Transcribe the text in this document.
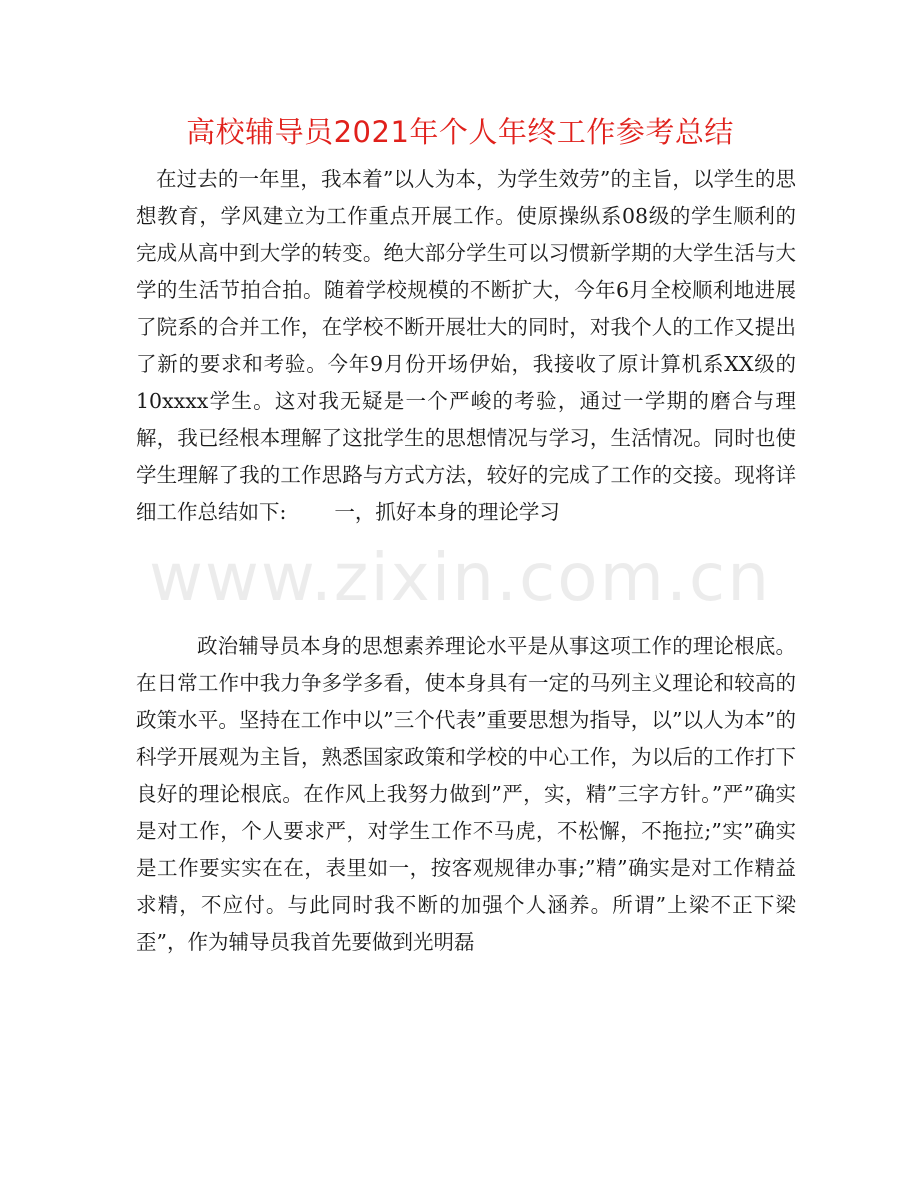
www.zixin.com.cn
高校辅导员2021年个人年终工作参考总结

在过去的一年里，我本着”以人为本，为学生效劳”的主旨，以学生的思想教育，学风建立为工作重点开展工作。使原操纵系08级的学生顺利的完成从高中到大学的转变。绝大部分学生可以习惯新学期的大学生活与大学的生活节拍合拍。随着学校规模的不断扩大，今年6月全校顺利地进展了院系的合并工作，在学校不断开展壮大的同时，对我个人的工作又提出了新的要求和考验。今年9月份开场伊始，我接收了原计算机系XX级的10xxxx学生。这对我无疑是一个严峻的考验，通过一学期的磨合与理解，我已经根本理解了这批学生的思想情况与学习，生活情况。同时也使学生理解了我的工作思路与方式方法，较好的完成了工作的交接。现将详细工作总结如下: 一，抓好本身的理论学习

政治辅导员本身的思想素养理论水平是从事这项工作的理论根底。在日常工作中我力争多学多看，使本身具有一定的马列主义理论和较高的政策水平。坚持在工作中以”三个代表”重要思想为指导，以”以人为本”的科学开展观为主旨，熟悉国家政策和学校的中心工作，为以后的工作打下良好的理论根底。在作风上我努力做到”严，实，精”三字方针。”严”确实是对工作，个人要求严，对学生工作不马虎，不松懈，不拖拉;”实”确实是工作要实实在在，表里如一，按客观规律办事;”精”确实是对工作精益求精，不应付。与此同时我不断的加强个人涵养。所谓”上梁不正下梁歪”，作为辅导员我首先要做到光明磊
